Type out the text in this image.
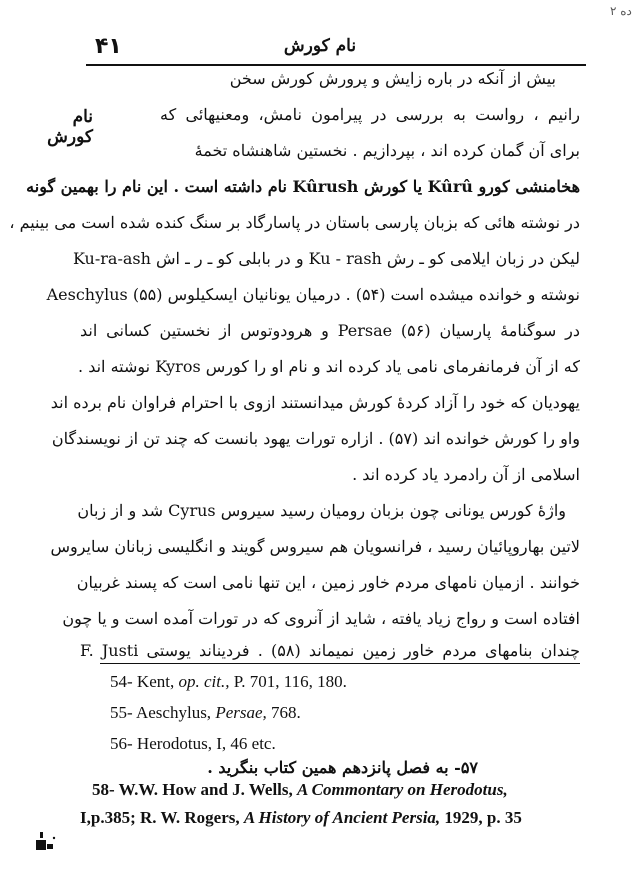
ده ۲
۴۱	نام کورش
نام کورش
بیش از آنکه در باره زایش و پرورش کورش سخن
رانیم ، رواست به بررسی در پیرامون نامش، ومعنیهائی که
برای آن گمان کرده اند ، بپردازیم . نخستین شاهنشاه تخمهٔ
هخامنشی کورو Kûrû یا کورش Kûrush نام داشته است . این نام را بهمین گونه
در نوشته هائی که بزبان پارسی باستان در پاسارگاد بر سنگ کنده شده است می بینیم ،
لیکن در زبان ایلامی کو ـ رش Ku - rash و در بابلی کو ـ ر ـ اش Ku-ra-ash
نوشته و خوانده میشده است (۵۴) . درمیان یونانیان ایسکیلوس Aeschylus (۵۵)
در سوگنامهٔ پارسیان Persae (۵۶) و هرودوتوس از نخستین کسانی اند
که از آن فرمانفرمای نامی یاد کرده اند و نام او را کورس Kyros نوشته اند .
یهودیان که خود را آزاد کردهٔ کورش میدانستند ازوی با احترام فراوان نام برده اند
واو را کورش خوانده اند (۵۷) . ازاره تورات یهود بانست که چند تن از نویسندگان
اسلامی از آن رادمرد یاد کرده اند .
واژهٔ کورس یونانی چون بزبان رومیان رسید سیروس Cyrus شد و از زبان
لاتین بهاروپائیان رسید ، فرانسویان هم سیروس گویند و انگلیسی زبانان سایروس
خوانند . ازمیان نامهای مردم خاور زمین ، این تنها نامی است که پسند غربیان
افتاده است و رواج زیاد یافته ، شاید از آنروی که در تورات آمده است و یا چون
چندان بنامهای مردم خاور زمین نمیماند (۵۸) . فردیناند یوستی F. Justi
54- Kent, op. cit., P. 701, 116, 180.
55- Aeschylus, Persae, 768.
56- Herodotus, I, 46 etc.
۵۷- به فصل پانزدهم همین کتاب بنگرید .
58- W.W. How and J. Wells, A Commontary on Herodotus,
I,p.385; R. W. Rogers, A History of Ancient Persia, 1929, p. 35
